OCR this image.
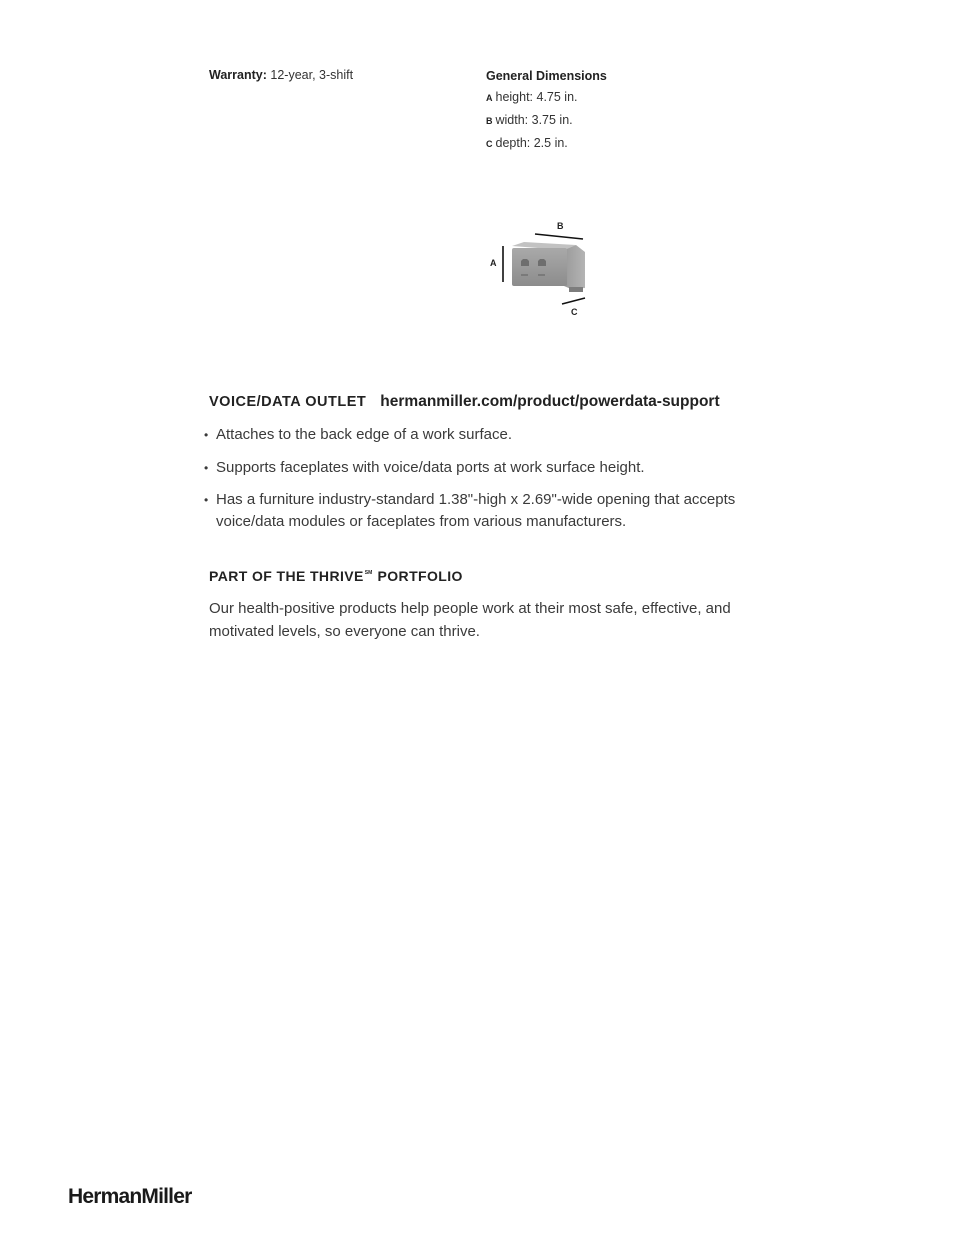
Warranty: 12-year, 3-shift	General Dimensions
A height: 4.75 in.
B width: 3.75 in.
C depth: 2.5 in.
B
A
C
VOICE/DATA OUTLET hermanmiller.com/product/powerdata-support
• Attaches to the back edge of a work surface.
• Supports faceplates with voice/data ports at work surface height.
• Has a furniture industry-standard 1.38"-high x 2.69"-wide opening that accepts voice/data modules or faceplates from various manufacturers.
PART OF THE THRIVE℠ PORTFOLIO
Our health-positive products help people work at their most safe, effective, and motivated levels, so everyone can thrive.
HermanMiller
